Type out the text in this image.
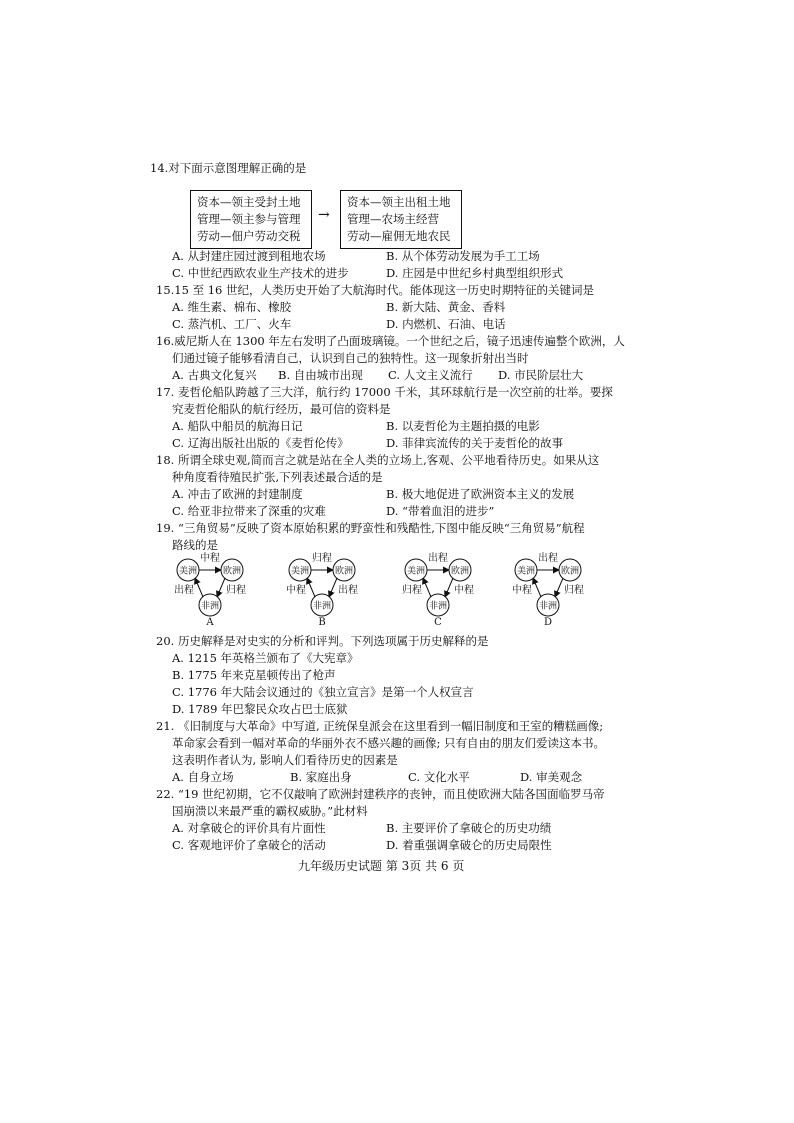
14.对下面示意图理解正确的是
资本—领主受封土地
管理—领主参与管理
劳动—佃户劳动交税
→
资本—领主出租土地
管理—农场主经营
劳动—雇佣无地农民
A. 从封建庄园过渡到租地农场	B. 从个体劳动发展为手工工场
C. 中世纪西欧农业生产技术的进步	D. 庄园是中世纪乡村典型组织形式
15.15 至 16 世纪，人类历史开始了大航海时代。能体现这一历史时期特征的关键词是
A. 维生素、棉布、橡胶	B. 新大陆、黄金、香料
C. 蒸汽机、工厂、火车	D. 内燃机、石油、电话
16.威尼斯人在 1300 年左右发明了凸面玻璃镜。一个世纪之后，镜子迅速传遍整个欧洲，人
们通过镜子能够看清自己，认识到自己的独特性。这一现象折射出当时
A. 古典文化复兴 B. 自由城市出现 C. 人文主义流行 D. 市民阶层壮大
17. 麦哲伦船队跨越了三大洋，航行约 17000 千米，其环球航行是一次空前的壮举。要探
究麦哲伦船队的航行经历，最可信的资料是
A. 船队中船员的航海日记	B. 以麦哲伦为主题拍摄的电影
C. 辽海出版社出版的《麦哲伦传》	D. 菲律宾流传的关于麦哲伦的故事
18. 所谓全球史观,简而言之就是站在全人类的立场上,客观、公平地看待历史。如果从这
种角度看待殖民扩张,下列表述最合适的是
A. 冲击了欧洲的封建制度	B. 极大地促进了欧洲资本主义的发展
C. 给亚非拉带来了深重的灾难	D. “带着血泪的进步”
19. “三角贸易”反映了资本原始积累的野蛮性和残酷性,下图中能反映“三角贸易”航程
路线的是
美洲	欧洲
非洲
中程
出程	归程
A
美洲	欧洲
非洲
归程
中程	出程
B
美洲	欧洲
非洲
出程
归程	中程
C
美洲	欧洲
非洲
出程
中程	归程
D
20. 历史解释是对史实的分析和评判。下列选项属于历史解释的是
A. 1215 年英格兰颁布了《大宪章》
B. 1775 年来克星顿传出了枪声
C. 1776 年大陆会议通过的《独立宣言》是第一个人权宣言
D. 1789 年巴黎民众攻占巴士底狱
21. 《旧制度与大革命》中写道, 正统保皇派会在这里看到一幅旧制度和王室的糟糕画像;
革命家会看到一幅对革命的华丽外衣不感兴趣的画像; 只有自由的朋友们爱读这本书。
这表明作者认为, 影响人们看待历史的因素是
A. 自身立场	B. 家庭出身	C. 文化水平	D. 审美观念
22. “19 世纪初期，它不仅敲响了欧洲封建秩序的丧钟，而且使欧洲大陆各国面临罗马帝
国崩溃以来最严重的霸权威胁。”此材料
A. 对拿破仑的评价具有片面性	B. 主要评价了拿破仑的历史功绩
C. 客观地评价了拿破仑的活动	D. 着重强调拿破仑的历史局限性
九年级历史试题 第 3页 共 6 页
